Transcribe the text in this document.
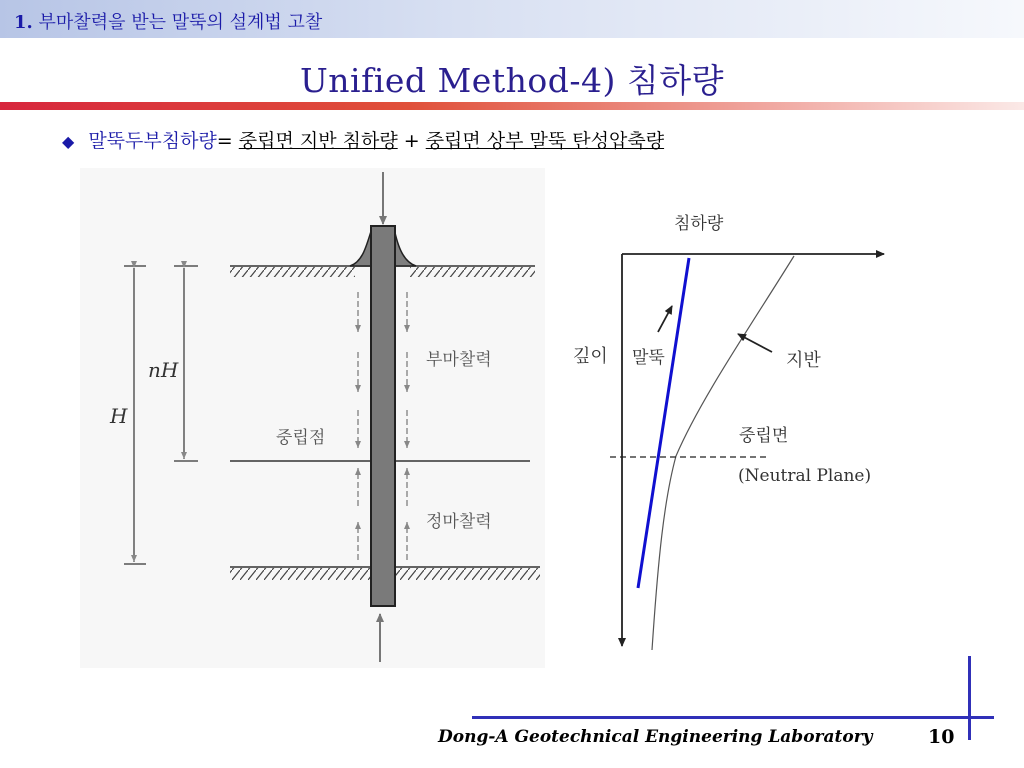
1. 부마찰력을 받는 말뚝의 설계법 고찰
Unified Method-4) 침하량
◆ 말뚝두부침하량= 중립면 지반 침하량 + 중립면 상부 말뚝 탄성압축량
nH
H
부마찰력
중립점
정마찰력
침하량
깊이 말뚝	지반
중립면
(Neutral Plane)
Dong-A Geotechnical Engineering Laboratory	10
